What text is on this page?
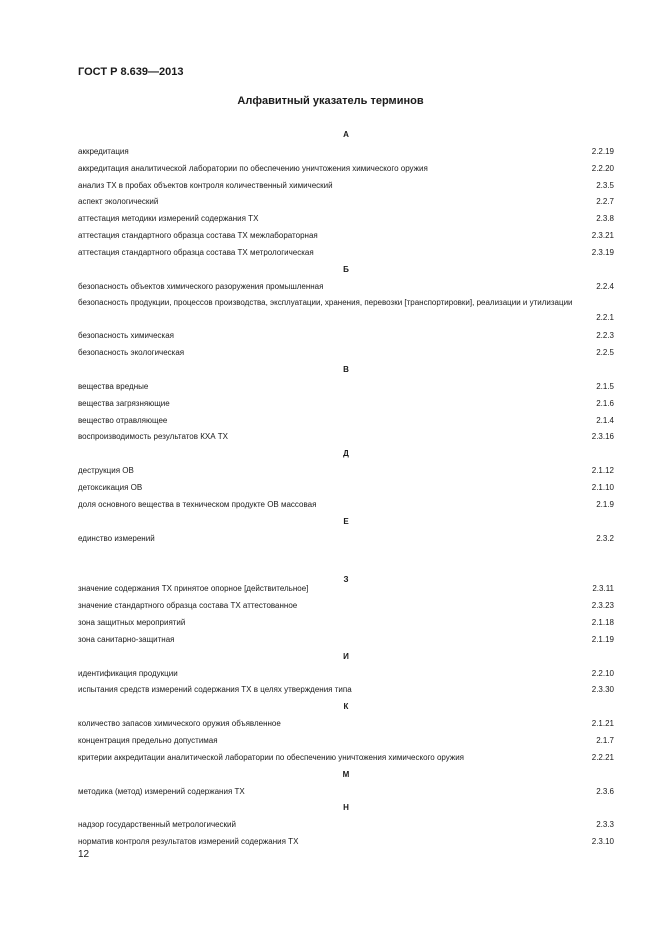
ГОСТ Р 8.639—2013
Алфавитный указатель терминов
А
аккредитация	2.2.19
аккредитация аналитической лаборатории по обеспечению уничтожения химического оружия	2.2.20
анализ ТХ в пробах объектов контроля количественный химический	2.3.5
аспект экологический	2.2.7
аттестация методики измерений содержания ТХ	2.3.8
аттестация стандартного образца состава ТХ межлабораторная	2.3.21
аттестация стандартного образца состава ТХ метрологическая	2.3.19
Б
безопасность объектов химического разоружения промышленная	2.2.4
безопасность продукции, процессов производства, эксплуатации, хранения, перевозки [транспортировки], реализации и утилизации
2.2.1
безопасность химическая	2.2.3
безопасность экологическая	2.2.5
В
вещества вредные	2.1.5
вещества загрязняющие	2.1.6
вещество отравляющее	2.1.4
воспроизводимость результатов КХА ТХ	2.3.16
Д
деструкция ОВ	2.1.12
детоксикация ОВ	2.1.10
доля основного вещества в техническом продукте ОВ массовая	2.1.9
Е
единство измерений	2.3.2
З
значение содержания ТХ принятое опорное [действительное]	2.3.11
значение стандартного образца состава ТХ аттестованное	2.3.23
зона защитных мероприятий	2.1.18
зона санитарно-защитная	2.1.19
И
идентификация продукции	2.2.10
испытания средств измерений содержания ТХ в целях утверждения типа	2.3.30
К
количество запасов химического оружия объявленное	2.1.21
концентрация предельно допустимая	2.1.7
критерии аккредитации аналитической лаборатории по обеспечению уничтожения химического оружия	2.2.21
М
методика (метод) измерений содержания ТХ	2.3.6
Н
надзор государственный метрологический	2.3.3
норматив контроля результатов измерений содержания ТХ	2.3.10
12
